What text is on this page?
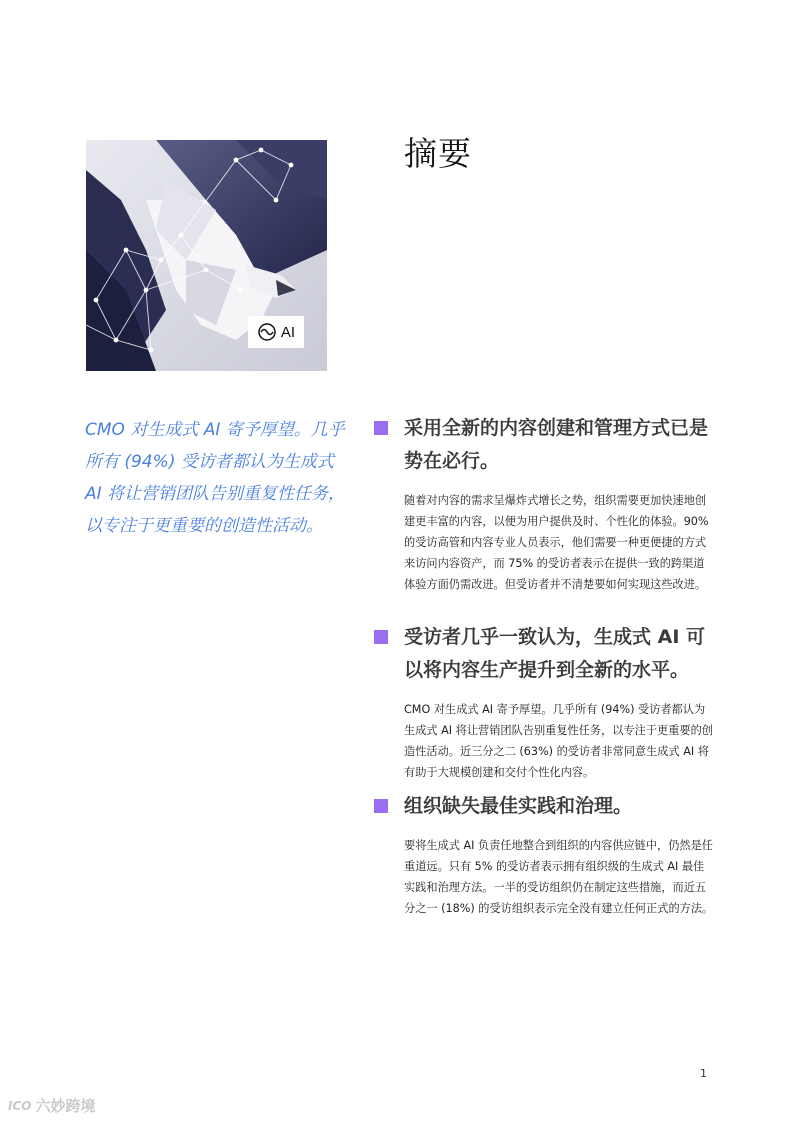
AI
摘要

CMO 对生成式 AI 寄予厚望。几乎所有 (94%) 受访者都认为生成式 AI 将让营销团队告别重复性任务，以专注于更重要的创造性活动。

采用全新的内容创建和管理方式已是势在必行。

随着对内容的需求呈爆炸式增长之势，组织需要更加快速地创建更丰富的内容，以便为用户提供及时、个性化的体验。90% 的受访高管和内容专业人员表示，他们需要一种更便捷的方式来访问内容资产，而 75% 的受访者表示在提供一致的跨渠道体验方面仍需改进。但受访者并不清楚要如何实现这些改进。

受访者几乎一致认为，生成式 AI 可以将内容生产提升到全新的水平。

CMO 对生成式 AI 寄予厚望。几乎所有 (94%) 受访者都认为生成式 AI 将让营销团队告别重复性任务，以专注于更重要的创造性活动。近三分之二 (63%) 的受访者非常同意生成式 AI 将有助于大规模创建和交付个性化内容。

组织缺失最佳实践和治理。

要将生成式 AI 负责任地整合到组织的内容供应链中，仍然是任重道远。只有 5% 的受访者表示拥有组织级的生成式 AI 最佳实践和治理方法。一半的受访组织仍在制定这些措施，而近五分之一 (18%) 的受访组织表示完全没有建立任何正式的方法。

1
ICO 六妙跨境
